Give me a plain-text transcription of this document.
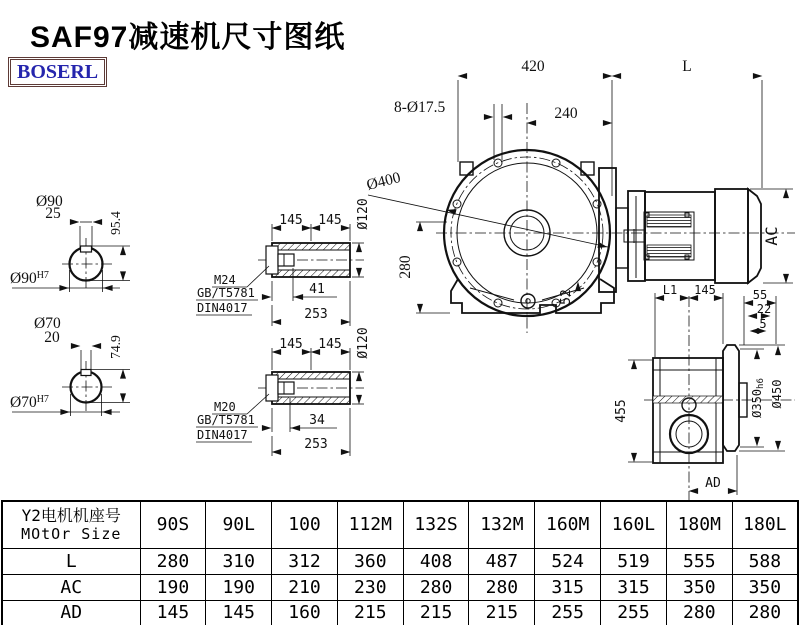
SAF97减速机尺寸图纸
BOSERL
Ø90
25	95.4
$Ø90^{H7}$
Ø70
20	74.9
$Ø70^{H7}$
145 145 Ø120
M24
GB/T5781
DIN4017
41
253
145 145 Ø120
M20
GB/T5781
DIN4017
34
253
420	L
8-Ø17.5	240
Ø400
280
52
AC
L1 145	55
22
5
455	Ø350h6 Ø450
AD
Y2电机机座号
MOtOr Size	90S	90L	100	112M	132S	132M	160M	160L	180M	180L
L	280	310	312	360	408	487	524	519	555	588
AC	190	190	210	230	280	280	315	315	350	350
AD	145	145	160	215	215	215	255	255	280	280
